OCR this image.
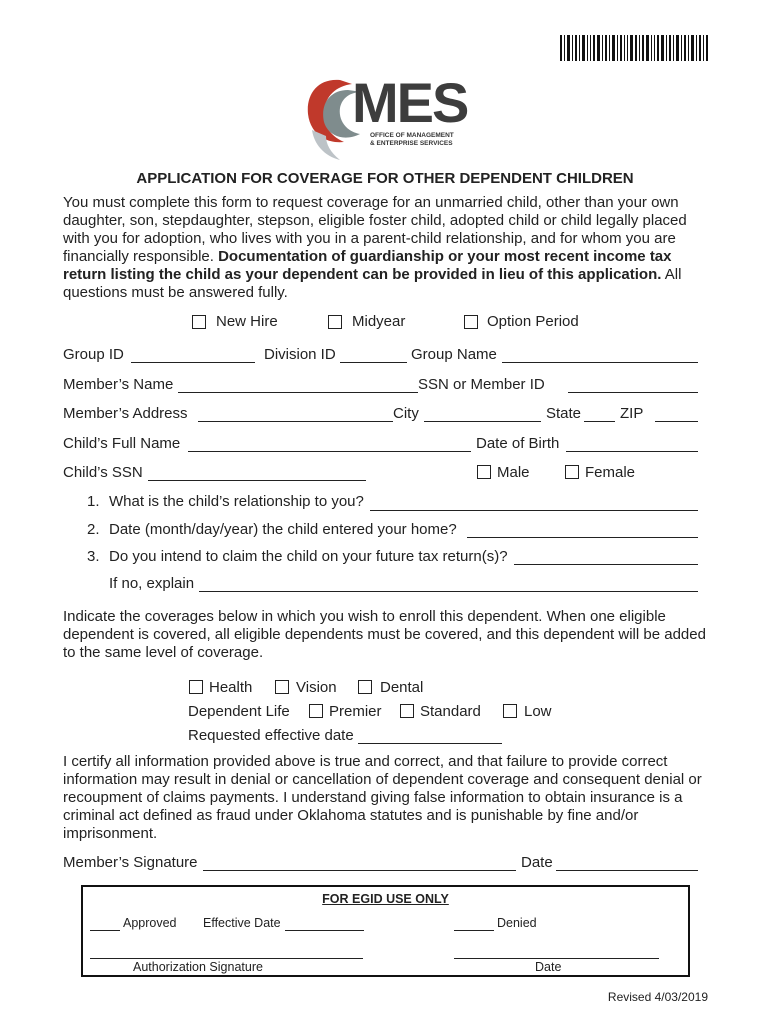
MES
OFFICE OF MANAGEMENT
& ENTERPRISE SERVICES
APPLICATION FOR COVERAGE FOR OTHER DEPENDENT CHILDREN
You must complete this form to request coverage for an unmarried child, other than your own daughter, son, stepdaughter, stepson, eligible foster child, adopted child or child legally placed with you for adoption, who lives with you in a parent-child relationship, and for whom you are financially responsible. Documentation of guardianship or your most recent income tax return listing the child as your dependent can be provided in lieu of this application. All questions must be answered fully.
New Hire	Midyear	Option Period
Group ID	Division ID	Group Name
Member’s Name	SSN or Member ID
Member’s Address	City	State	ZIP
Child’s Full Name	Date of Birth
Child’s SSN	Male	Female
1. What is the child’s relationship to you?
2. Date (month/day/year) the child entered your home?
3. Do you intend to claim the child on your future tax return(s)?
If no, explain
Indicate the coverages below in which you wish to enroll this dependent. When one eligible dependent is covered, all eligible dependents must be covered, and this dependent will be added to the same level of coverage.
Health	Vision	Dental
Dependent Life	Premier	Standard	Low
Requested effective date
I certify all information provided above is true and correct, and that failure to provide correct information may result in denial or cancellation of dependent coverage and consequent denial or recoupment of claims payments. I understand giving false information to obtain insurance is a criminal act defined as fraud under Oklahoma statutes and is punishable by fine and/or imprisonment.
Member’s Signature	Date
FOR EGID USE ONLY
Approved Effective Date	Denied
Authorization Signature	Date
Revised 4/03/2019
